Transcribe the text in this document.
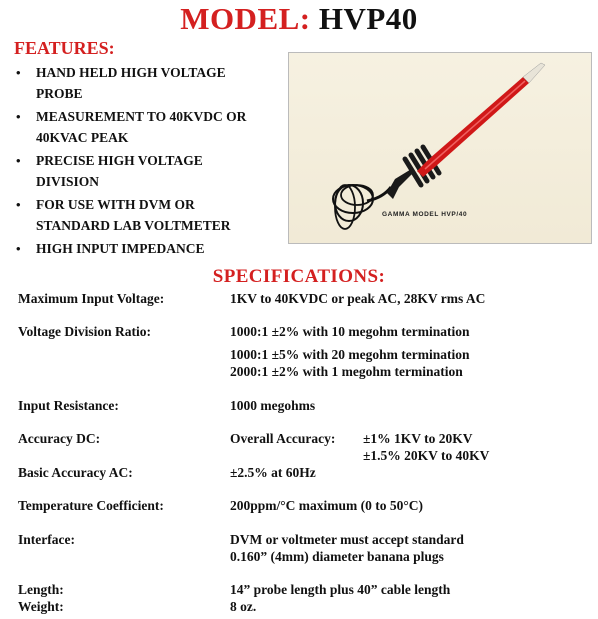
MODEL: HVP40
FEATURES:
• HAND HELD HIGH VOLTAGE
PROBE
• MEASUREMENT TO 40KVDC OR
40KVAC PEAK
• PRECISE HIGH VOLTAGE
DIVISION
• FOR USE WITH DVM OR
STANDARD LAB VOLTMETER
• HIGH INPUT IMPEDANCE
GAMMA MODEL HVP/40
SPECIFICATIONS:
Maximum Input Voltage:	1KV to 40KVDC or peak AC, 28KV rms AC
Voltage Division Ratio:	1000:1 ±2% with 10 megohm termination
1000:1 ±5% with 20 megohm termination
2000:1 ±2% with 1 megohm termination
Input Resistance:	1000 megohms
Accuracy DC:	Overall Accuracy: ±1% 1KV to 20KV
±1.5% 20KV to 40KV
Basic Accuracy AC:	±2.5% at 60Hz
Temperature Coefficient:	200ppm/°C maximum (0 to 50°C)
Interface:	DVM or voltmeter must accept standard
0.160” (4mm) diameter banana plugs
Length:	14” probe length plus 40” cable length
Weight:	8 oz.
